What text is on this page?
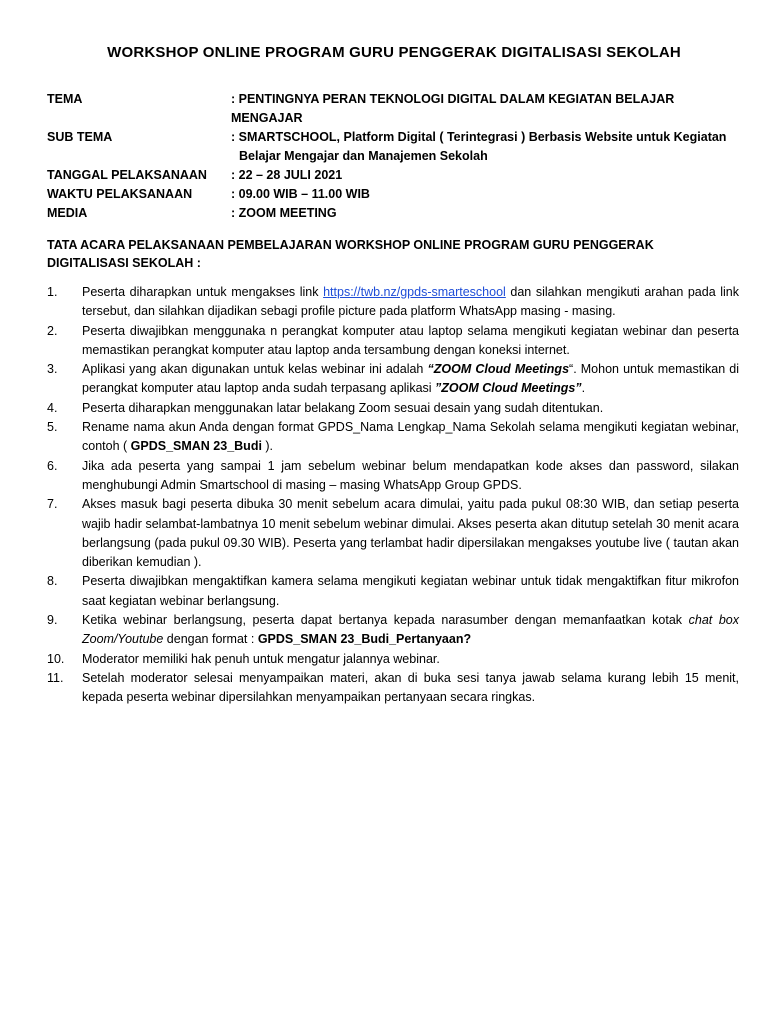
WORKSHOP ONLINE PROGRAM GURU PENGGERAK DIGITALISASI SEKOLAH
TEMA	: PENTINGNYA PERAN TEKNOLOGI DIGITAL DALAM KEGIATAN BELAJAR MENGAJAR
SUB TEMA	: SMARTSCHOOL, Platform Digital ( Terintegrasi ) Berbasis Website untuk Kegiatan
Belajar Mengajar dan Manajemen Sekolah
TANGGAL PELAKSANAAN	: 22 – 28 JULI 2021
WAKTU PELAKSANAAN	: 09.00 WIB – 11.00 WIB
MEDIA	: ZOOM MEETING
TATA ACARA PELAKSANAAN PEMBELAJARAN WORKSHOP ONLINE PROGRAM GURU PENGGERAK
DIGITALISASI SEKOLAH :
1.	Peserta diharapkan untuk mengakses link https://twb.nz/gpds-smarteschool dan silahkan mengikuti arahan pada link tersebut, dan silahkan dijadikan sebagi profile picture pada platform WhatsApp masing - masing.
2.	Peserta diwajibkan menggunaka n perangkat komputer atau laptop selama mengikuti kegiatan webinar dan peserta memastikan perangkat komputer atau laptop anda tersambung dengan koneksi internet.
3.	Aplikasi yang akan digunakan untuk kelas webinar ini adalah “ZOOM Cloud Meetings“. Mohon untuk memastikan di perangkat komputer atau laptop anda sudah terpasang aplikasi ”ZOOM Cloud Meetings”.
4.	Peserta diharapkan menggunakan latar belakang Zoom sesuai desain yang sudah ditentukan.
5.	Rename nama akun Anda dengan format GPDS_Nama Lengkap_Nama Sekolah selama mengikuti kegiatan webinar, contoh ( GPDS_SMAN 23_Budi ).
6.	Jika ada peserta yang sampai 1 jam sebelum webinar belum mendapatkan kode akses dan password, silakan menghubungi Admin Smartschool di masing – masing WhatsApp Group GPDS.
7.	Akses masuk bagi peserta dibuka 30 menit sebelum acara dimulai, yaitu pada pukul 08:30 WIB, dan setiap peserta wajib hadir selambat-lambatnya 10 menit sebelum webinar dimulai. Akses peserta akan ditutup setelah 30 menit acara berlangsung (pada pukul 09.30 WIB). Peserta yang terlambat hadir dipersilakan mengakses youtube live ( tautan akan diberikan kemudian ).
8.	Peserta diwajibkan mengaktifkan kamera selama mengikuti kegiatan webinar untuk tidak mengaktifkan fitur mikrofon saat kegiatan webinar berlangsung.
9.	Ketika webinar berlangsung, peserta dapat bertanya kepada narasumber dengan memanfaatkan kotak chat box Zoom/Youtube dengan format : GPDS_SMAN 23_Budi_Pertanyaan?
10.	Moderator memiliki hak penuh untuk mengatur jalannya webinar.
11.	Setelah moderator selesai menyampaikan materi, akan di buka sesi tanya jawab selama kurang lebih 15 menit, kepada peserta webinar dipersilahkan menyampaikan pertanyaan secara ringkas.
